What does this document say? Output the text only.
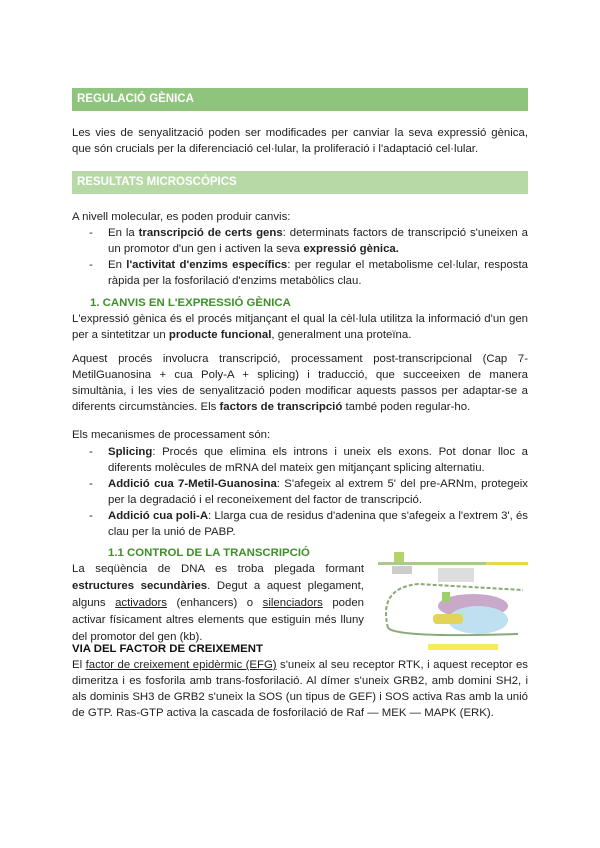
REGULACIÓ GÈNICA
Les vies de senyalització poden ser modificades per canviar la seva expressió gènica, que són crucials per la diferenciació cel·lular, la proliferació i l'adaptació cel·lular.
RESULTATS MICROSCÒPICS
A nivell molecular, es poden produir canvis:
- En la transcripció de certs gens: determinats factors de transcripció s'uneixen a un promotor d'un gen i activen la seva expressió gènica.
- En l'activitat d'enzims específics: per regular el metabolisme cel·lular, resposta ràpida per la fosforilació d'enzims metabòlics clau.
1. CANVIS EN L'EXPRESSIÓ GÈNICA
L'expressió gènica és el procés mitjançant el qual la cèl·lula utilitza la informació d'un gen per a sintetitzar un producte funcional, generalment una proteïna.
Aquest procés involucra transcripció, processament post-transcripcional (Cap 7-MetilGuanosina + cua Poly-A + splicing) i traducció, que succeeixen de manera simultània, i les vies de senyalització poden modificar aquests passos per adaptar-se a diferents circumstàncies. Els factors de transcripció també poden regular-ho.
Els mecanismes de processament són:
- Splicing: Procés que elimina els introns i uneix els exons. Pot donar lloc a diferents molècules de mRNA del mateix gen mitjançant splicing alternatiu.
- Addició cua 7-Metil-Guanosina: S'afegeix al extrem 5' del pre-ARNm, protegeix per la degradació i el reconeixement del factor de transcripció.
- Addició cua poli-A: Llarga cua de residus d'adenina que s'afegeix a l'extrem 3', és clau per la unió de PABP.
1.1 CONTROL DE LA TRANSCRIPCIÓ
La seqüència de DNA es troba plegada formant estructures secundàries. Degut a aquest plegament, alguns activadors (enhancers) o silenciadors poden activar físicament altres elements que estiguin més lluny del promotor del gen (kb).
VIA DEL FACTOR DE CREIXEMENT
El factor de creixement epidèrmic (EFG) s'uneix al seu receptor RTK, i aquest receptor es dimeritza i es fosforila amb trans-fosforilació. Al dímer s'uneix GRB2, amb domini SH2, i als dominis SH3 de GRB2 s'uneix la SOS (un tipus de GEF) i SOS activa Ras amb la unió de GTP. Ras-GTP activa la cascada de fosforilació de Raf — MEK — MAPK (ERK).
